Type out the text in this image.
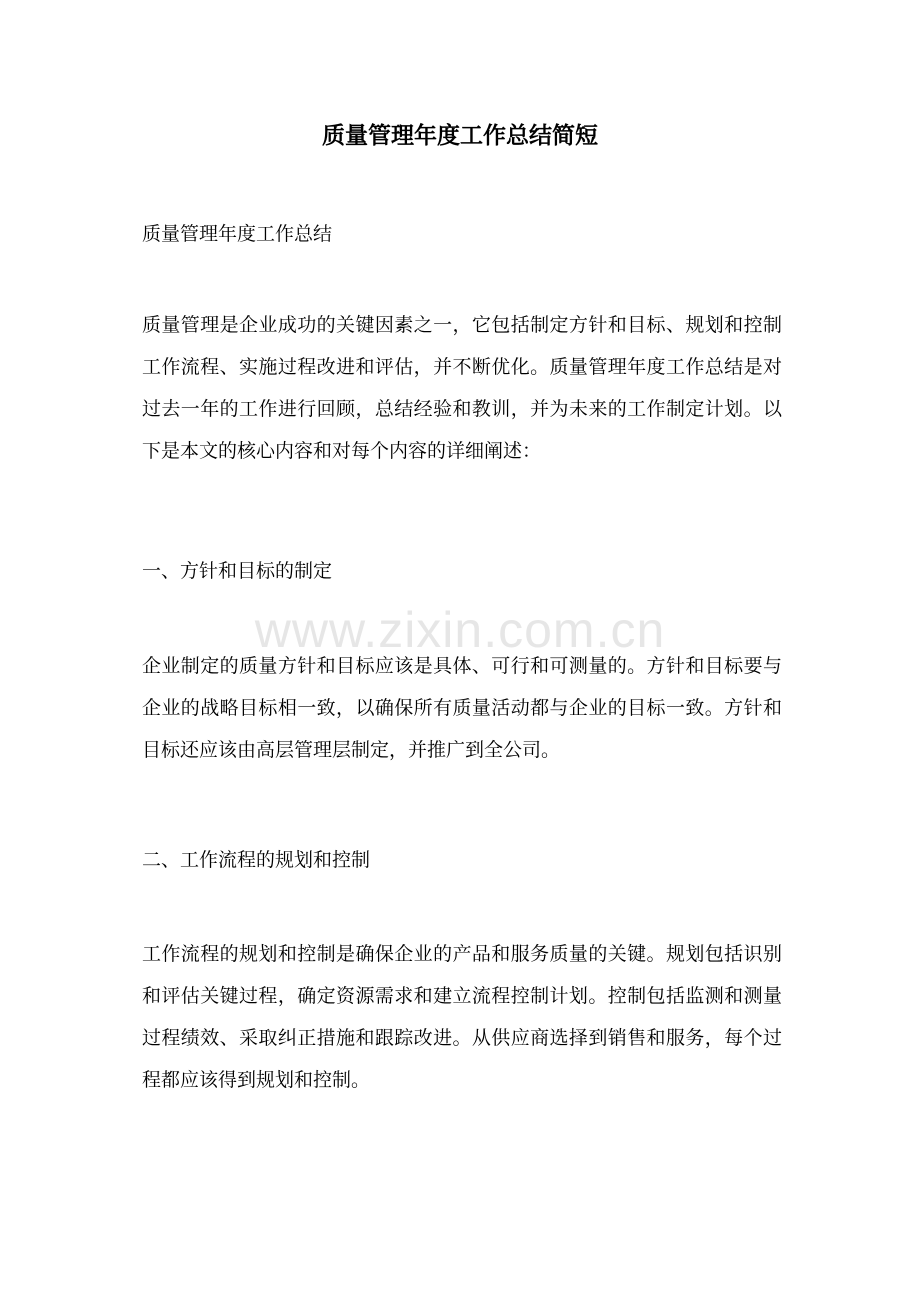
质量管理年度工作总结简短

质量管理年度工作总结

质量管理是企业成功的关键因素之一，它包括制定方针和目标、规划和控制工作流程、实施过程改进和评估，并不断优化。质量管理年度工作总结是对过去一年的工作进行回顾，总结经验和教训，并为未来的工作制定计划。以下是本文的核心内容和对每个内容的详细阐述：

一、方针和目标的制定

www.zixin.com.cn

企业制定的质量方针和目标应该是具体、可行和可测量的。方针和目标要与企业的战略目标相一致，以确保所有质量活动都与企业的目标一致。方针和目标还应该由高层管理层制定，并推广到全公司。

二、工作流程的规划和控制

工作流程的规划和控制是确保企业的产品和服务质量的关键。规划包括识别和评估关键过程，确定资源需求和建立流程控制计划。控制包括监测和测量过程绩效、采取纠正措施和跟踪改进。从供应商选择到销售和服务，每个过程都应该得到规划和控制。
